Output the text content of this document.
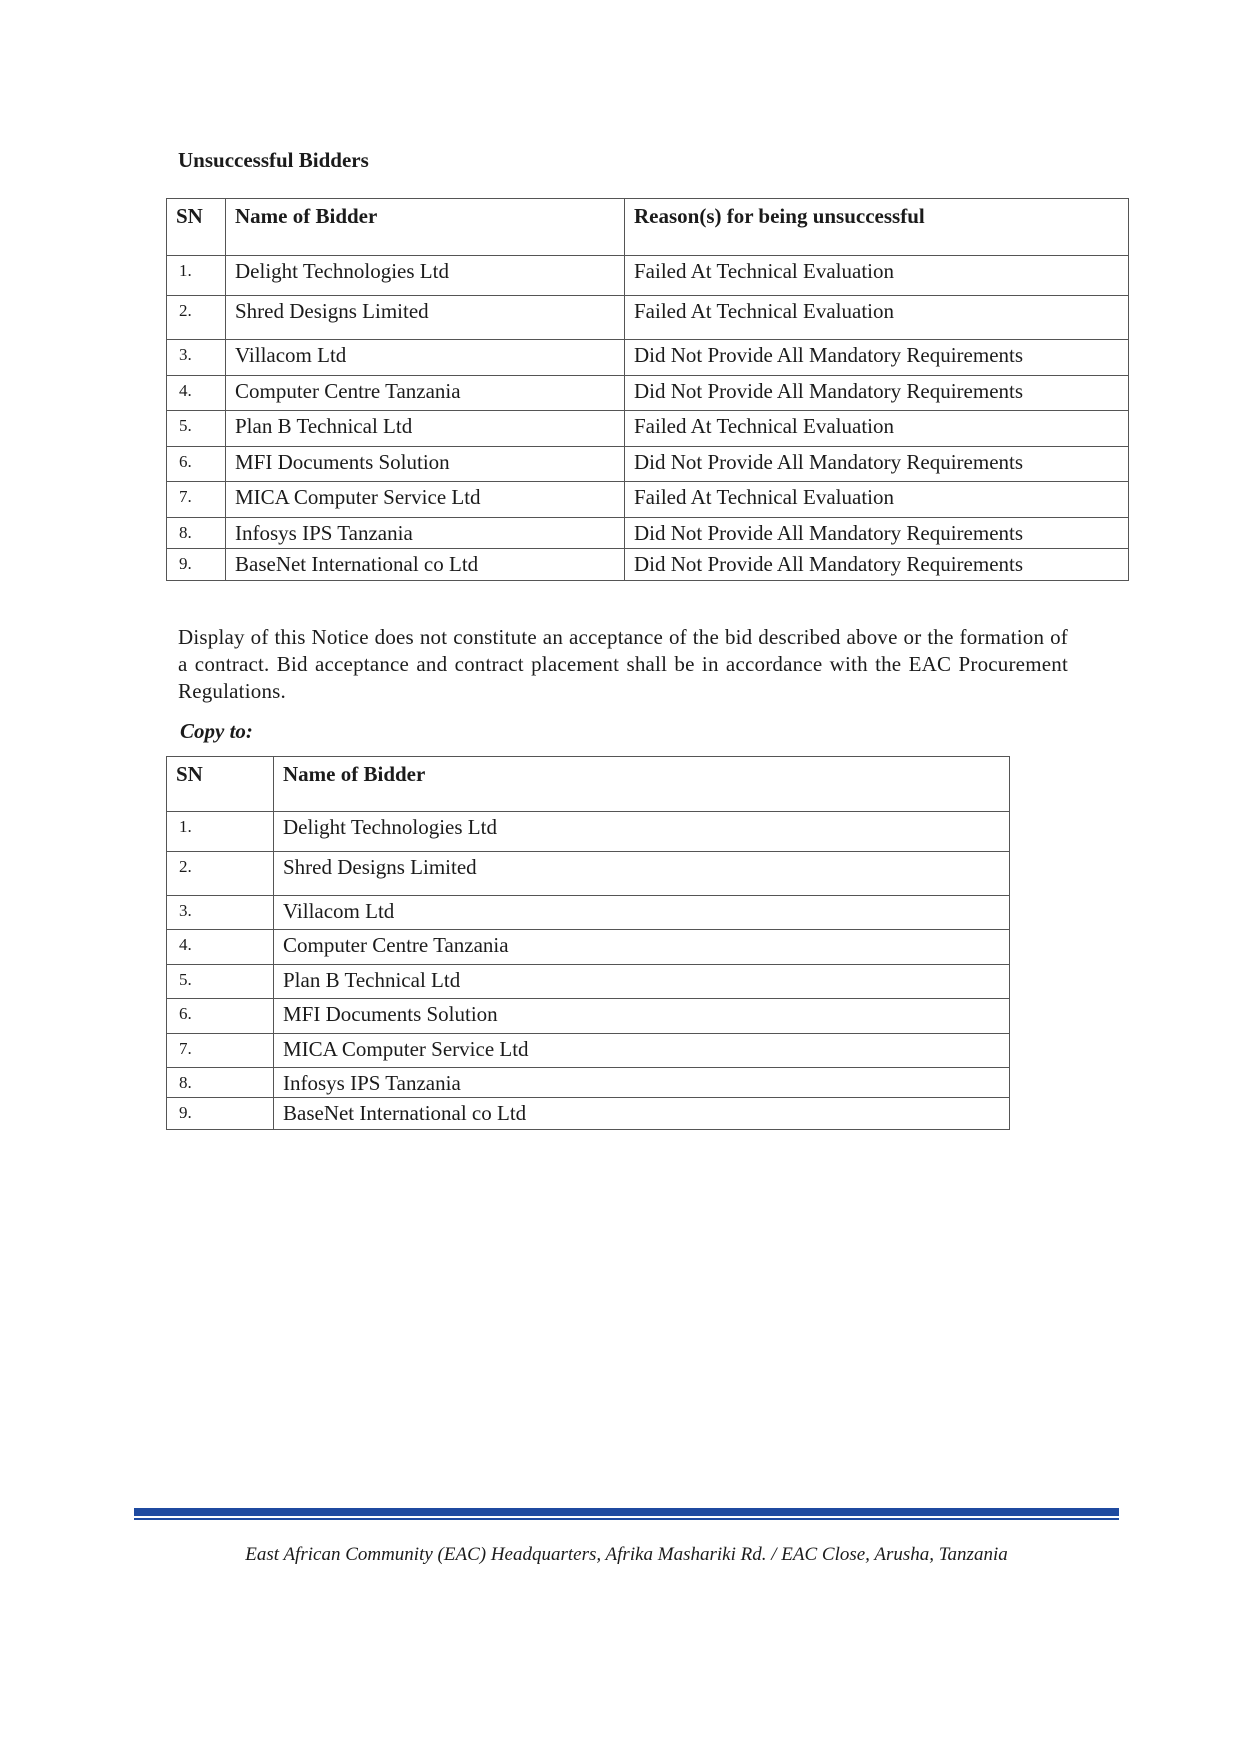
Unsuccessful Bidders
SN	Name of Bidder	Reason(s) for being unsuccessful
1.	Delight Technologies Ltd	Failed At Technical Evaluation
2.	Shred Designs Limited	Failed At Technical Evaluation
3.	Villacom Ltd	Did Not Provide All Mandatory Requirements
4.	Computer Centre Tanzania	Did Not Provide All Mandatory Requirements
5.	Plan B Technical Ltd	Failed At Technical Evaluation
6.	MFI Documents Solution	Did Not Provide All Mandatory Requirements
7.	MICA Computer Service Ltd	Failed At Technical Evaluation
8.	Infosys IPS Tanzania	Did Not Provide All Mandatory Requirements
9.	BaseNet International co Ltd	Did Not Provide All Mandatory Requirements

Display of this Notice does not constitute an acceptance of the bid described above or the formation of a contract. Bid acceptance and contract placement shall be in accordance with the EAC Procurement Regulations.

Copy to:

SN	Name of Bidder
1.	Delight Technologies Ltd
2.	Shred Designs Limited
3.	Villacom Ltd
4.	Computer Centre Tanzania
5.	Plan B Technical Ltd
6.	MFI Documents Solution
7.	MICA Computer Service Ltd
8.	Infosys IPS Tanzania
9.	BaseNet International co Ltd

East African Community (EAC) Headquarters, Afrika Mashariki Rd. / EAC Close, Arusha, Tanzania
